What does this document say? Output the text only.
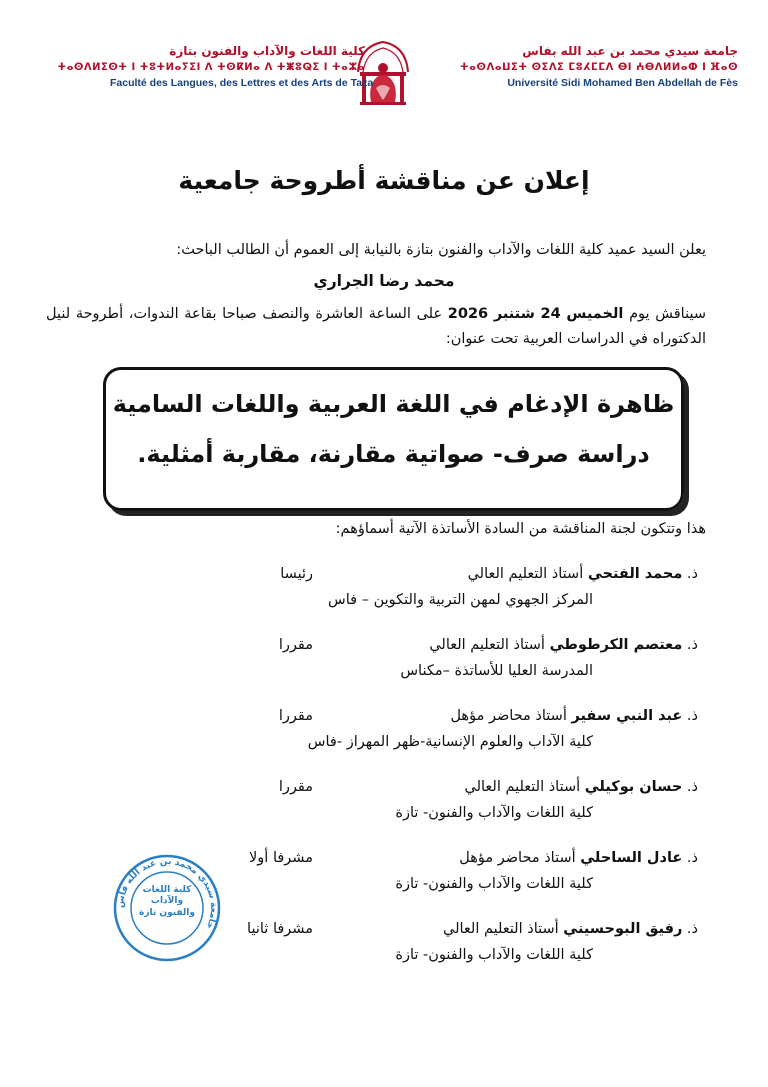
جامعة سيدي محمد بن عبد الله بفاس
ⵜⴰⵙⴷⴰⵡⵉⵜ ⵙⵉⴷⵉ ⵎⵓⵃⵎⵎⴷ ⴱⵏ ⵄⴱⴷⵍⵍⴰⵀ ⵏ ⴼⴰⵙ
Université Sidi Mohamed Ben Abdellah de Fès
كلية اللغات والآداب والفنون بتازة
ⵜⴰⵙⴷⵍⵉⵙⵜ ⵏ ⵜⵓⵜⵍⴰⵢⵉⵏ ⴷ ⵜⵙⴽⵍⴰ ⴷ ⵜⵥⵓⵕⵉ ⵏ ⵜⴰⵣⴰ
Faculté des Langues, des Lettres et des Arts de Taza
إعلان عن مناقشة أطروحة جامعية
يعلن السيد عميد كلية اللغات والآداب والفنون بتازة بالنيابة إلى العموم أن الطالب الباحث:
محمد رضا الجراري
سيناقش يوم الخميس 24 شتنبر 2026 على الساعة العاشرة والنصف صباحا بقاعة الندوات، أطروحة لنيل الدكتوراه في الدراسات العربية تحت عنوان:
ظاهرة الإدغام في اللغة العربية واللغات السامية
دراسة صرف- صواتية مقارنة، مقاربة أمثلية.
هذا وتتكون لجنة المناقشة من السادة الأساتذة الآتية أسماؤهم:
ذ. محمد الفتحي أستاذ التعليم العالي
رئيسا
المركز الجهوي لمهن التربية والتكوين – فاس
ذ. معتصم الكرطوطي أستاذ التعليم العالي
مقررا
المدرسة العليا للأساتذة –مكناس
ذ. عبد النبي سفير أستاذ محاضر مؤهل
مقررا
كلية الآداب والعلوم الإنسانية-ظهر المهراز -فاس
ذ. حسان بوكيلي أستاذ التعليم العالي
مقررا
كلية اللغات والآداب والفنون- تازة
ذ. عادل الساحلي أستاذ محاضر مؤهل
مشرفا أولا
كلية اللغات والآداب والفنون- تازة
ذ. رفيق البوحسيني أستاذ التعليم العالي
مشرفا ثانيا
كلية اللغات والآداب والفنون- تازة
جامعة سيدي محمد بن عبد الله فاس
كلية اللغات والآداب والفنون تازة
